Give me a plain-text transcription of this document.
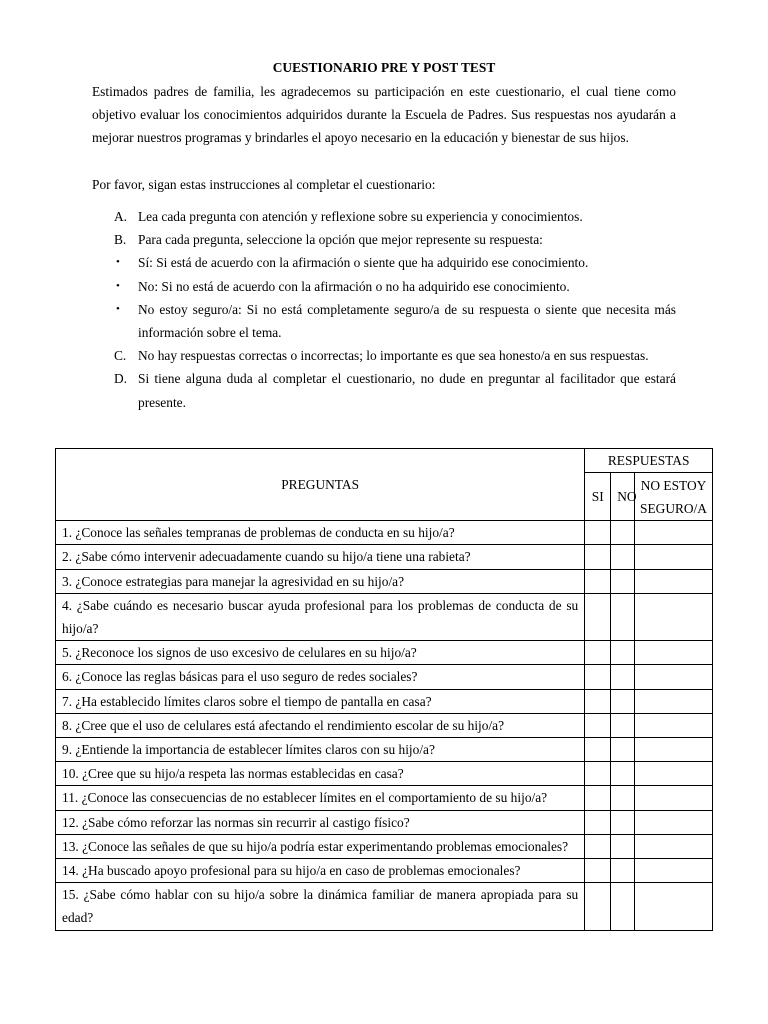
CUESTIONARIO PRE Y POST TEST

Estimados padres de familia, les agradecemos su participación en este cuestionario, el cual tiene como objetivo evaluar los conocimientos adquiridos durante la Escuela de Padres. Sus respuestas nos ayudarán a mejorar nuestros programas y brindarles el apoyo necesario en la educación y bienestar de sus hijos.

Por favor, sigan estas instrucciones al completar el cuestionario:

A. Lea cada pregunta con atención y reflexione sobre su experiencia y conocimientos.
B. Para cada pregunta, seleccione la opción que mejor represente su respuesta:
• Sí: Si está de acuerdo con la afirmación o siente que ha adquirido ese conocimiento.
• No: Si no está de acuerdo con la afirmación o no ha adquirido ese conocimiento.
• No estoy seguro/a: Si no está completamente seguro/a de su respuesta o siente que necesita más información sobre el tema.
C. No hay respuestas correctas o incorrectas; lo importante es que sea honesto/a en sus respuestas.
D. Si tiene alguna duda al completar el cuestionario, no dude en preguntar al facilitador que estará presente.
PREGUNTAS	RESPUESTAS		
	SI	NO	NO ESTOY SEGURO/A
1. ¿Conoce las señales tempranas de problemas de conducta en su hijo/a?			
2. ¿Sabe cómo intervenir adecuadamente cuando su hijo/a tiene una rabieta?			
3. ¿Conoce estrategias para manejar la agresividad en su hijo/a?			
4. ¿Sabe cuándo es necesario buscar ayuda profesional para los problemas de conducta de su hijo/a?			
5. ¿Reconoce los signos de uso excesivo de celulares en su hijo/a?			
6. ¿Conoce las reglas básicas para el uso seguro de redes sociales?			
7. ¿Ha establecido límites claros sobre el tiempo de pantalla en casa?			
8. ¿Cree que el uso de celulares está afectando el rendimiento escolar de su hijo/a?			
9. ¿Entiende la importancia de establecer límites claros con su hijo/a?			
10. ¿Cree que su hijo/a respeta las normas establecidas en casa?			
11. ¿Conoce las consecuencias de no establecer límites en el comportamiento de su hijo/a?			
12. ¿Sabe cómo reforzar las normas sin recurrir al castigo físico?			
13. ¿Conoce las señales de que su hijo/a podría estar experimentando problemas emocionales?			
14. ¿Ha buscado apoyo profesional para su hijo/a en caso de problemas emocionales?			
15. ¿Sabe cómo hablar con su hijo/a sobre la dinámica familiar de manera apropiada para su edad?			
